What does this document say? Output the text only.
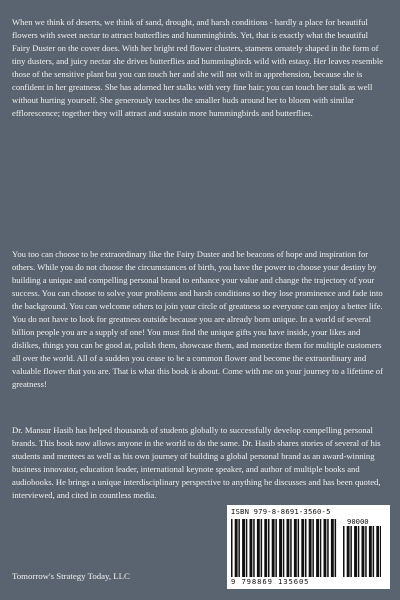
When we think of deserts, we think of sand, drought, and harsh conditions - hardly a place for beautiful flowers with sweet nectar to attract butterflies and hummingbirds. Yet, that is exactly what the beautiful Fairy Duster on the cover does. With her bright red flower clusters, stamens ornately shaped in the form of tiny dusters, and juicy nectar she drives butterflies and hummingbirds wild with estasy. Her leaves resemble those of the sensitive plant but you can touch her and she will not wilt in apprehension, because she is confident in her greatness. She has adorned her stalks with very fine hair; you can touch her stalk as well without hurting yourself. She generously teaches the smaller buds around her to bloom with similar efflorescence; together they will attract and sustain more hummingbirds and butterflies.

You too can choose to be extraordinary like the Fairy Duster and be beacons of hope and inspiration for others. While you do not choose the circumstances of birth, you have the power to choose your destiny by building a unique and compelling personal brand to enhance your value and change the trajectory of your success. You can choose to solve your problems and harsh conditions so they lose prominence and fade into the background. You can welcome others to join your circle of greatness so everyone can enjoy a better life. You do not have to look for greatness outside because you are already born unique. In a world of several billion people you are a supply of one! You must find the unique gifts you have inside, your likes and dislikes, things you can be good at, polish them, showcase them, and monetize them for multiple customers all over the world. All of a sudden you cease to be a common flower and become the extraordinary and valuable flower that you are. That is what this book is about. Come with me on your journey to a lifetime of greatness!

Dr. Mansur Hasib has helped thousands of students globally to successfully develop compelling personal brands. This book now allows anyone in the world to do the same. Dr. Hasib shares stories of several of his students and mentees as well as his own journey of building a global personal brand as an award-winning business innovator, education leader, international keynote speaker, and author of multiple books and audiobooks. He brings a unique interdisciplinary perspective to anything he discusses and has been quoted, interviewed, and cited in countless media.

ISBN 979-8-8691-3560-5
90000
9 798869 135605
Tomorrow's Strategy Today, LLC
